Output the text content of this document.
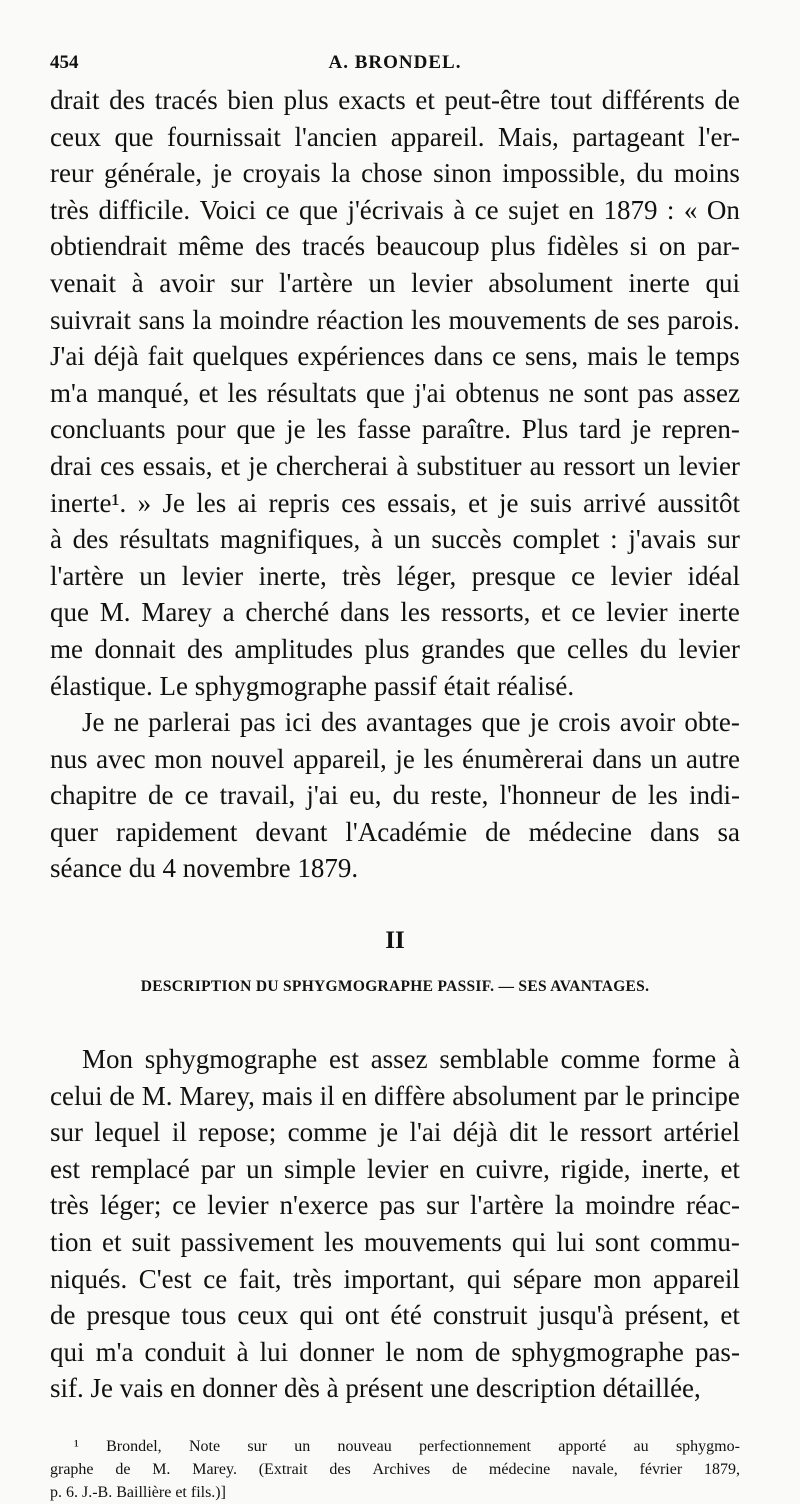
454	A. BRONDEL.
drait des tracés bien plus exacts et peut-être tout différents de
ceux que fournissait l'ancien appareil. Mais, partageant l'er-
reur générale, je croyais la chose sinon impossible, du moins
très difficile. Voici ce que j'écrivais à ce sujet en 1879 : « On
obtiendrait même des tracés beaucoup plus fidèles si on par-
venait à avoir sur l'artère un levier absolument inerte qui
suivrait sans la moindre réaction les mouvements de ses parois.
J'ai déjà fait quelques expériences dans ce sens, mais le temps
m'a manqué, et les résultats que j'ai obtenus ne sont pas assez
concluants pour que je les fasse paraître. Plus tard je repren-
drai ces essais, et je chercherai à substituer au ressort un levier
inerte¹. » Je les ai repris ces essais, et je suis arrivé aussitôt
à des résultats magnifiques, à un succès complet : j'avais sur
l'artère un levier inerte, très léger, presque ce levier idéal
que M. Marey a cherché dans les ressorts, et ce levier inerte
me donnait des amplitudes plus grandes que celles du levier
élastique. Le sphygmographe passif était réalisé.
Je ne parlerai pas ici des avantages que je crois avoir obte-
nus avec mon nouvel appareil, je les énumèrerai dans un autre
chapitre de ce travail, j'ai eu, du reste, l'honneur de les indi-
quer rapidement devant l'Académie de médecine dans sa
séance du 4 novembre 1879.
II
DESCRIPTION DU SPHYGMOGRAPHE PASSIF. — SES AVANTAGES.
Mon sphygmographe est assez semblable comme forme à
celui de M. Marey, mais il en diffère absolument par le principe
sur lequel il repose; comme je l'ai déjà dit le ressort artériel
est remplacé par un simple levier en cuivre, rigide, inerte, et
très léger; ce levier n'exerce pas sur l'artère la moindre réac-
tion et suit passivement les mouvements qui lui sont commu-
niqués. C'est ce fait, très important, qui sépare mon appareil
de presque tous ceux qui ont été construit jusqu'à présent, et
qui m'a conduit à lui donner le nom de sphygmographe pas-
sif. Je vais en donner dès à présent une description détaillée,
¹ Brondel, Note sur un nouveau perfectionnement apporté au sphygmo-
graphe de M. Marey. (Extrait des Archives de médecine navale, février 1879,
p. 6. J.-B. Baillière et fils.)]
